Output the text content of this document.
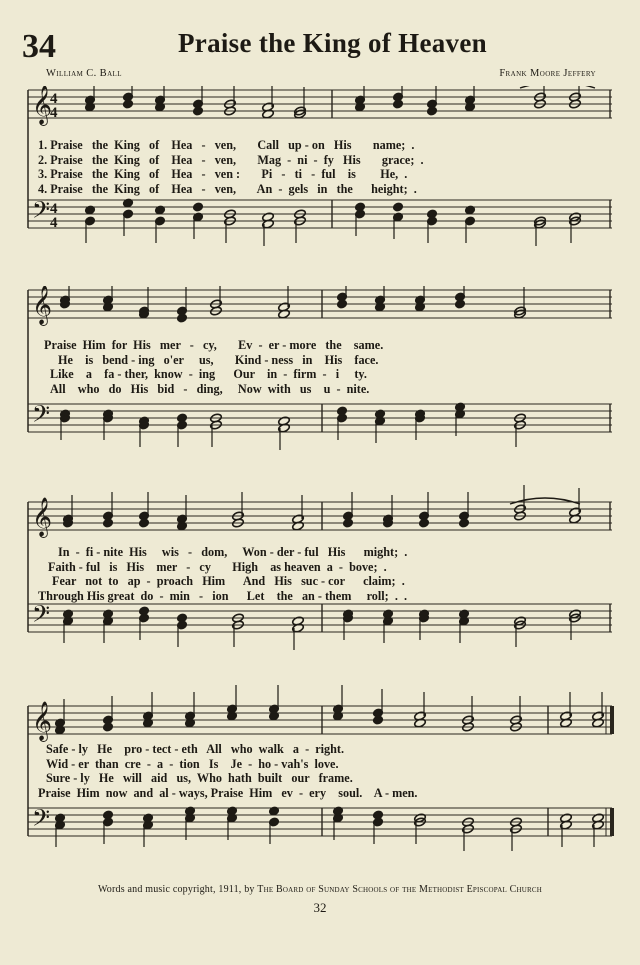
34	Praise the King of Heaven
William C. Ball	Frank Moore Jeffery
𝄞
𝄢
4
4
4
4
1. Praise   the  King   of    Hea   -   ven,       Call   up - on   His       name;  .
2. Praise   the  King   of    Hea   -   ven,       Mag  -  ni  -  fy   His       grace;  .
3. Praise   the  King   of    Hea   -   ven :       Pi   -   ti   -  ful    is        He,  .
4. Praise   the  King   of    Hea   -   ven,       An  -  gels   in   the      height;  .
𝄞
𝄢
Praise  Him  for  His   mer   -   cy,       Ev  -  er - more   the    same.
He    is   bend - ing   o'er     us,       Kind - ness   in    His    face.
Like    a    fa - ther,  know  -  ing      Our    in  -  firm  -   i     ty.
All    who   do   His   bid   -   ding,     Now  with   us    u  -  nite.
𝄞
𝄢
In  -  fi - nite  His     wis   -   dom,     Won - der - ful   His      might;  .
Faith - ful   is   His    mer   -   cy       High    as heaven  a  -  bove;  .
Fear   not  to   ap  -  proach   Him      And   His   suc - cor      claim;  .
Through His great  do  -  min   -   ion      Let    the   an - them     roll;  .  .
𝄞
𝄢
Safe - ly   He    pro - tect - eth   All   who  walk   a  -  right.
Wid - er  than  cre  -  a  -  tion   Is    Je  -  ho - vah's  love.
Sure - ly   He   will   aid   us,  Who  hath  built   our   frame.
Praise  Him  now  and  al - ways, Praise  Him   ev  -  ery    soul.    A - men.
Words and music copyright, 1911, by The Board of Sunday Schools of the Methodist Episcopal Church
32
